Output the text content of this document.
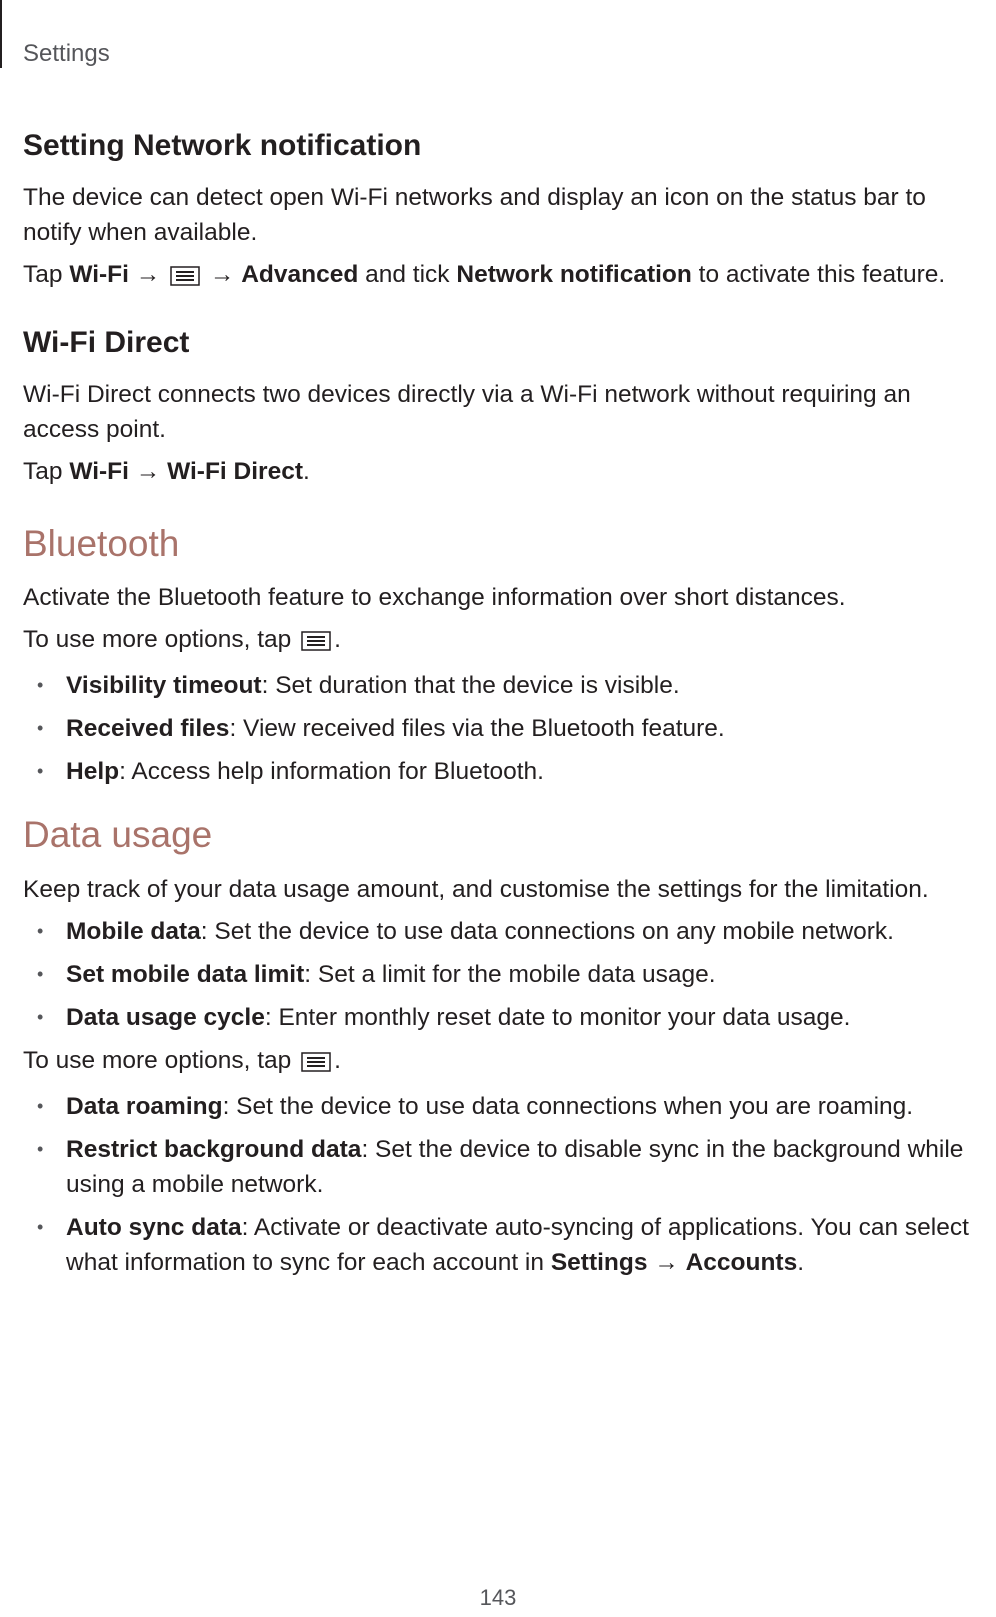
Settings
Setting Network notification

The device can detect open Wi-Fi networks and display an icon on the status bar to notify when available.

Tap Wi-Fi →  → Advanced and tick Network notification to activate this feature.

Wi-Fi Direct

Wi-Fi Direct connects two devices directly via a Wi-Fi network without requiring an access point.

Tap Wi-Fi → Wi-Fi Direct.

Bluetooth

Activate the Bluetooth feature to exchange information over short distances.

To use more options, tap .

• Visibility timeout: Set duration that the device is visible.
• Received files: View received files via the Bluetooth feature.
• Help: Access help information for Bluetooth.
Data usage

Keep track of your data usage amount, and customise the settings for the limitation.

• Mobile data: Set the device to use data connections on any mobile network.
• Set mobile data limit: Set a limit for the mobile data usage.
• Data usage cycle: Enter monthly reset date to monitor your data usage.

To use more options, tap .

• Data roaming: Set the device to use data connections when you are roaming.
• Restrict background data: Set the device to disable sync in the background while using a mobile network.
• Auto sync data: Activate or deactivate auto-syncing of applications. You can select what information to sync for each account in Settings → Accounts.
143
